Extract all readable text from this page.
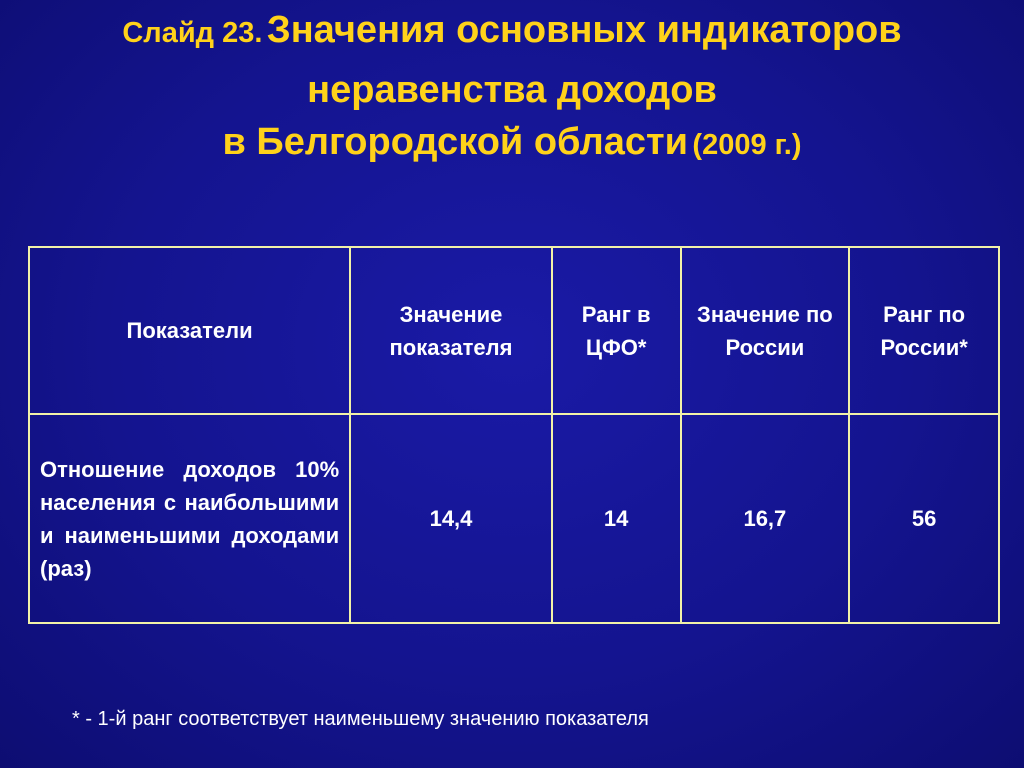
Слайд 23. Значения основных индикаторов
неравенства доходов
в Белгородской области (2009 г.)
Показатели	Значение показателя	Ранг в ЦФО*	Значение по России	Ранг по России*
Отношение доходов 10% населения с наибольшими и наименьшими доходами (раз)	14,4	14	16,7	56
* - 1-й ранг соответствует наименьшему значению показателя
